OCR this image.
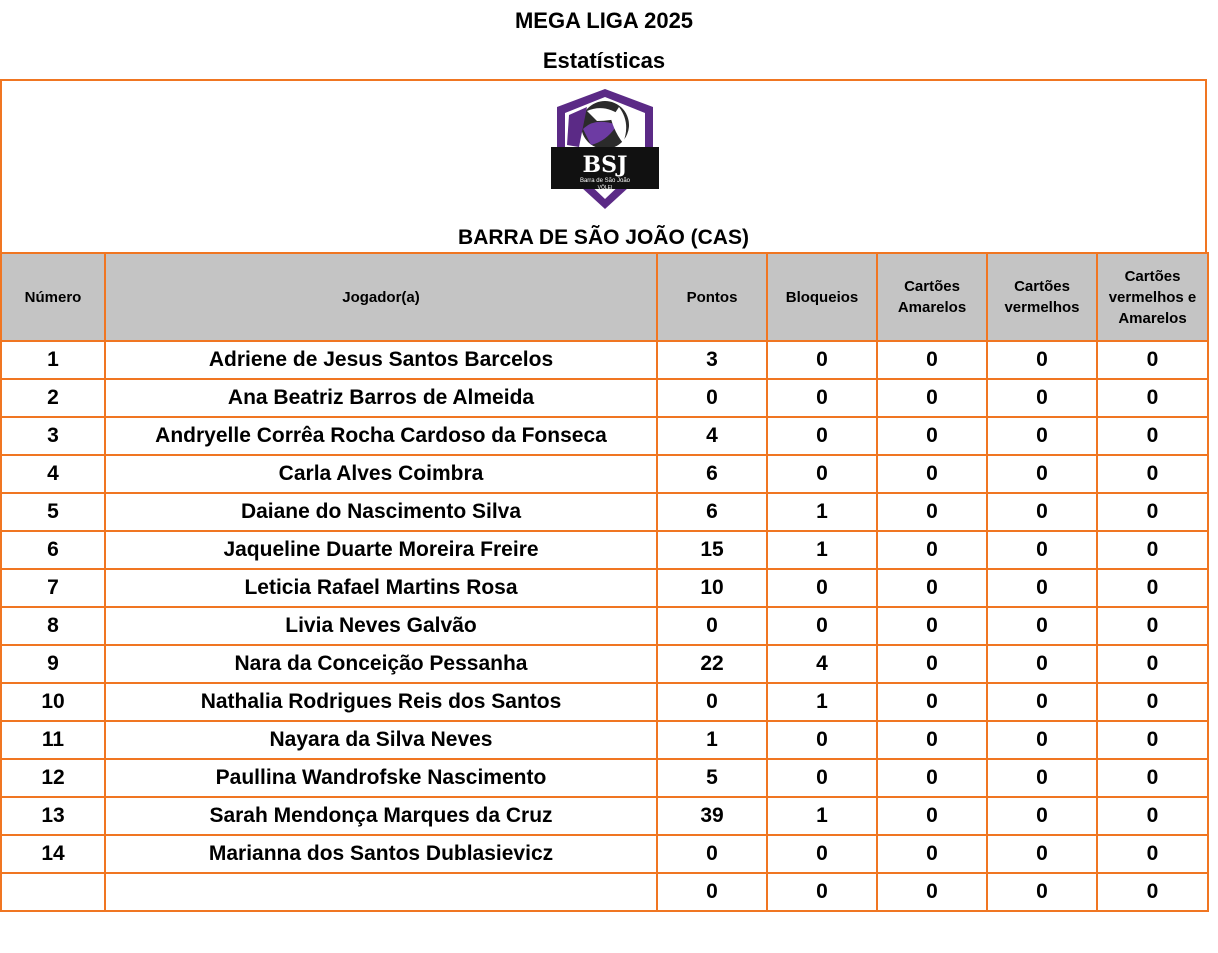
MEGA LIGA 2025
Estatísticas
BSJ
Barra de São João
VÔLEI
BARRA DE SÃO JOÃO (CAS)
Número	Jogador(a)	Pontos	Bloqueios	Cartões Amarelos	Cartões vermelhos	Cartões vermelhos e Amarelos
1	Adriene de Jesus Santos Barcelos	3	0	0	0	0
2	Ana Beatriz Barros de Almeida	0	0	0	0	0
3	Andryelle Corrêa Rocha Cardoso da Fonseca	4	0	0	0	0
4	Carla Alves Coimbra	6	0	0	0	0
5	Daiane do Nascimento Silva	6	1	0	0	0
6	Jaqueline Duarte Moreira Freire	15	1	0	0	0
7	Leticia Rafael Martins Rosa	10	0	0	0	0
8	Livia Neves Galvão	0	0	0	0	0
9	Nara da Conceição Pessanha	22	4	0	0	0
10	Nathalia Rodrigues Reis dos Santos	0	1	0	0	0
11	Nayara da Silva Neves	1	0	0	0	0
12	Paullina Wandrofske Nascimento	5	0	0	0	0
13	Sarah Mendonça Marques da Cruz	39	1	0	0	0
14	Marianna dos Santos Dublasievicz	0	0	0	0	0
		0	0	0	0	0
